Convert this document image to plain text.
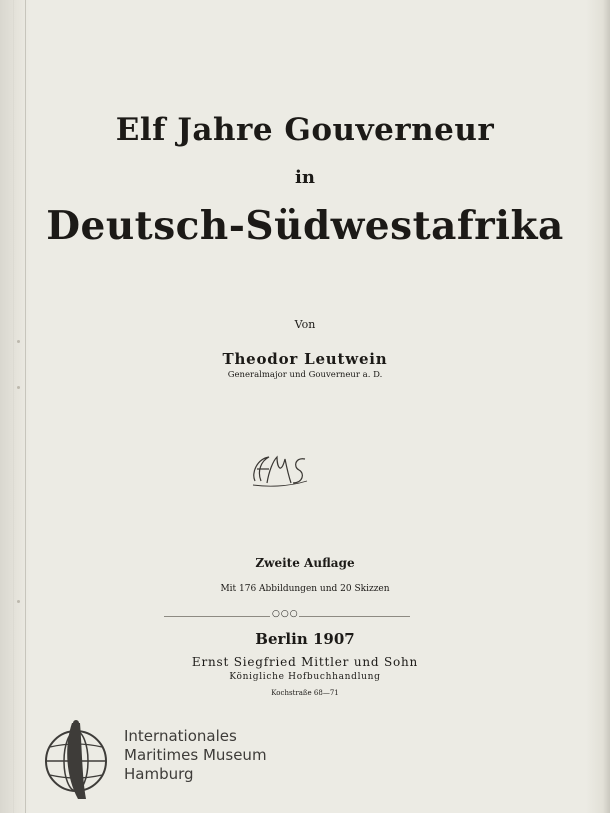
Elf Jahre Gouverneur
in
Deutsch-Südwestafrika
Von
Theodor Leutwein
Generalmajor und Gouverneur a. D.
Zweite Auflage
Mit 176 Abbildungen und 20 Skizzen
○○○
Berlin 1907
Ernst Siegfried Mittler und Sohn
Königliche Hofbuchhandlung
Kochstraße 68—71
Internationales
Maritimes Museum
Hamburg
